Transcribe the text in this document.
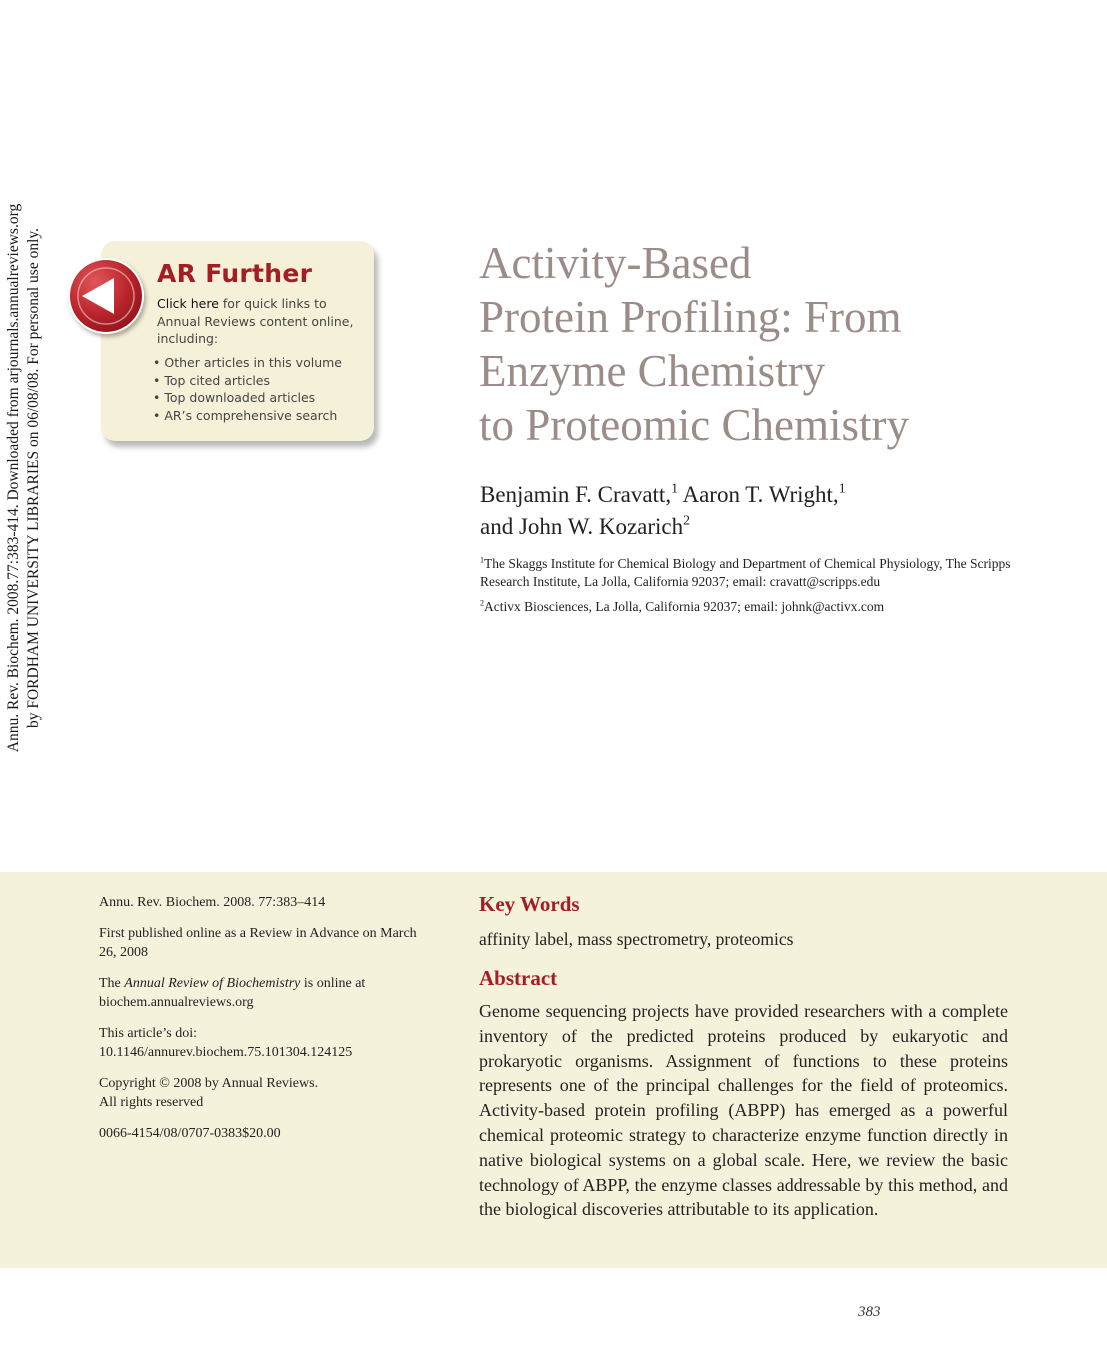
Annu. Rev. Biochem. 2008.77:383-414. Downloaded from arjournals.annualreviews.org by FORDHAM UNIVERSITY LIBRARIES on 06/08/08. For personal use only.	AR Further
Click here for quick links to Annual Reviews content online, including:
• Other articles in this volume
• Top cited articles
• Top downloaded articles
• AR’s comprehensive search
Activity-Based
Protein Profiling: From
Enzyme Chemistry
to Proteomic Chemistry
Benjamin F. Cravatt,$^1$ Aaron T. Wright,$^1$
and John W. Kozarich$^2$
$^1$The Skaggs Institute for Chemical Biology and Department of Chemical Physiology, The Scripps Research Institute, La Jolla, California 92037; email: cravatt@scripps.edu
$^2$Activx Biosciences, La Jolla, California 92037; email: johnk@activx.com

Annu. Rev. Biochem. 2008. 77:383–414

First published online as a Review in Advance on March 26, 2008

The Annual Review of Biochemistry is online at biochem.annualreviews.org

This article’s doi:
10.1146/annurev.biochem.75.101304.124125

Copyright © 2008 by Annual Reviews.
All rights reserved

0066-4154/08/0707-0383$20.00

Key Words
affinity label, mass spectrometry, proteomics
Abstract

Genome sequencing projects have provided researchers with a complete inventory of the predicted proteins produced by eukaryotic and prokaryotic organisms. Assignment of functions to these proteins represents one of the principal challenges for the field of proteomics. Activity-based protein profiling (ABPP) has emerged as a powerful chemical proteomic strategy to characterize enzyme function directly in native biological systems on a global scale. Here, we review the basic technology of ABPP, the enzyme classes addressable by this method, and the biological discoveries attributable to its application.

383
